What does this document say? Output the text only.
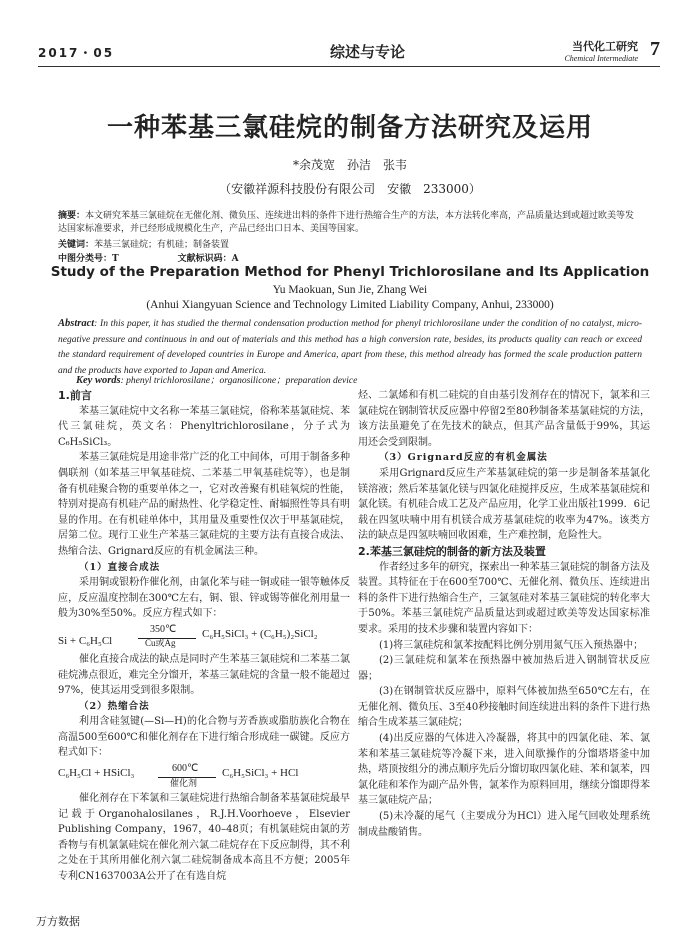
2017・05	综述与专论	当代化工研究
Chemical Intermediate 7
一种苯基三氯硅烷的制备方法研究及运用
*余茂宽　孙洁　张韦
（安徽祥源科技股份有限公司　安徽　233000）
摘要：本文研究苯基三氯硅烷在无催化剂、微负压、连续进出料的条件下进行热缩合生产的方法，本方法转化率高，产品质量达到或超过欧美等发达国家标准要求，并已经形成规模化生产，产品已经出口日本、美国等国家。
关键词：苯基三氯硅烷；有机硅；制备装置
中图分类号：T	文献标识码：A
Study of the Preparation Method for Phenyl Trichlorosilane and Its Application
Yu Maokuan, Sun Jie, Zhang Wei
(Anhui Xiangyuan Science and Technology Limited Liability Company, Anhui, 233000)
Abstract: In this paper, it has studied the thermal condensation production method for phenyl trichlorosilane under the condition of no catalyst, micro-negative pressure and continuous in and out of materials and this method has a high conversion rate, besides, its products quality can reach or exceed the standard requirement of developed countries in Europe and America, apart from these, this method already has formed the scale production pattern and the products have exported to Japan and America.
Key words: phenyl trichlorosilane；organosilicone；preparation device

1.前言

苯基三氯硅烷中文名称一苯基三氯硅烷，俗称苯基氯硅烷、苯代三氯硅烷，英文名：Phenyltrichlorosilane，分子式为C₆H₅SiCl₃。

苯基三氯硅烷是用途非常广泛的化工中间体，可用于制备多种偶联剂（如苯基三甲氧基硅烷、二苯基二甲氧基硅烷等），也是制备有机硅聚合物的重要单体之一，它对改善聚有机硅氧烷的性能，特别对提高有机硅产品的耐热性、化学稳定性、耐辐照性等具有明显的作用。在有机硅单体中，其用量及重要性仅次于甲基氯硅烷，居第二位。现行工业生产苯基三氯硅烷的主要方法有直接合成法、热缩合法、Grignard反应的有机金属法三种。

（1）直接合成法

采用铜或银粉作催化剂，由氯化苯与硅一铜或硅一银等触体反应，反应温度控制在300℃左右，铜、银、锌或锡等催化剂用量一般为30%至50%。反应方程式如下：

Si + C₆H₅Cl
350℃
Cu或Ag
C₆H₅SiCl₃ + (C₆H₅)₂SiCl₂

催化直接合成法的缺点是同时产生苯基三氯硅烷和二苯基二氯硅烷沸点很近，难完全分馏开，苯基三氯硅烷的含量一般不能超过97%，使其运用受到很多限制。

（2）热缩合法

利用含硅氢键(—Si—H)的化合物与芳香族或脂肪族化合物在高温500至600℃和催化剂存在下进行缩合形成硅一碳键。反应方程式如下：

C₆H₅Cl + HSiCl₃	600℃
催化剂
C₆H₅SiCl₃ + HCl

催化剂存在下苯氯和三氯硅烷进行热缩合制备苯基氯硅烷最早记载于Organohalosilanes，R.J.H.Voorhoeve，Elsevier Publishing Company，1967，40–48页；有机氯硅烷由氯的芳香物与有机氯氯硅烷在催化剂六氯二硅烷存在下反应制得，其不利之处在于其所用催化剂六氯二硅烷制备成本高且不方便；2005年专利CN1637003A公开了在有选自烷

烃、二氯烯和有机二硅烷的自由基引发剂存在的情况下，氯苯和三氯硅烷在钢制管状反应器中停留2至80秒制备苯基氯硅烷的方法，该方法虽避免了在先技术的缺点，但其产品含量低于99%，其运用还会受到限制。

（3）Grignard反应的有机金属法

采用Grignard反应生产苯基氯硅烷的第一步是制备苯基氯化镁溶液；然后苯基氯化镁与四氯化硅搅拌反应，生成苯基氯硅烷和氯化镁。有机硅合成工艺及产品应用，化学工业出版社1999．6记载在四氢呋喃中用有机镁合成芳基氯硅烷的收率为47%。该类方法的缺点是四氢呋喃回收困难，生产难控制，危险性大。

2.苯基三氯硅烷的制备的新方法及装置

作者经过多年的研究，探索出一种苯基三氯硅烷的制备方法及装置。其特征在于在600至700℃、无催化剂、微负压、连续进出料的条件下进行热缩合生产，三氯氢硅对苯基三氯硅烷的转化率大于50%。苯基三氯硅烷产品质量达到或超过欧美等发达国家标准要求。采用的技术步骤和装置内容如下：

(1)将三氯硅烷和氯苯按配料比例分别用氮气压入预热器中；

(2)三氯硅烷和氯苯在预热器中被加热后进入钢制管状反应器；

(3)在钢制管状反应器中，原料气体被加热至650℃左右，在无催化剂、微负压、3至40秒接触时间连续进出料的条件下进行热缩合生成苯基三氯硅烷；

(4)出反应器的气体进入冷凝器，将其中的四氯化硅、苯、氯苯和苯基三氯硅烷等冷凝下来，进入间歇操作的分馏塔塔釜中加热，塔顶按组分的沸点顺序先后分馏切取四氯化硅、苯和氯苯，四氯化硅和苯作为副产品外售，氯苯作为原料回用，继续分馏即得苯基三氯硅烷产品；

(5)未冷凝的尾气（主要成分为HCl）进入尾气回收处理系统制成盐酸销售。

万方数据
